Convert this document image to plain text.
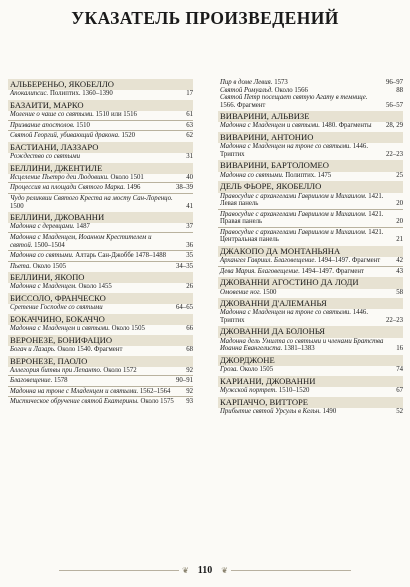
УКАЗАТЕЛЬ ПРОИЗВЕДЕНИЙ
АЛЬБЕРЕНЬО, ЯКОБЕЛЛО
Апокалипсис. Полиптих. 1360–1390	17
БАЗАИТИ, МАРКО
Моление о чаше со святыми. 1510 или 1516	61
Призвание апостолов. 1510	63
Святой Георгий, убивающий дракона. 1520	62
БАСТИАНИ, ЛАЗЗАРО
Рождество со святыми	31
БЕЛЛИНИ, ДЖЕНТИЛЕ
Исцеление Пьетро деи Людовики. Около 1501	40
Процессия на площади Святого Марка. 1496	38–39
Чудо реликвии Святого Креста на мосту Сан-Лоренцо. 1500	41
БЕЛЛИНИ, ДЖОВАННИ
Мадонна с деревцами. 1487	37
Мадонна с Младенцем, Иоанном Крестителем и святой. 1500–1504	36
Мадонна со святыми. Алтарь Сан-Джоббе 1478–1488	35
Пьета. Около 1505	34–35
БЕЛЛИНИ, ЯКОПО
Мадонна с Младенцем. Около 1455	26
БИССОЛО, ФРАНЧЕСКО
Сретение Господне со святыми	64–65
БОКАЧЧИНО, БОКАЧЧО
Мадонна с Младенцем и святыми. Около 1505	66
ВЕРОНЕЗЕ, БОНИФАЦИО
Богач и Лазарь. Около 1540. Фрагмент	68
ВЕРОНЕЗЕ, ПАОЛО
Аллегория битвы при Лепанто. Около 1572	92
Благовещение. 1578	90–91
Мадонна на троне с Младенцем и святыми. 1562–1564	92
Мистическое обручение святой Екатерины. Около 1575	93
Пир в доме Левия. 1573	96–97
Святой Ромуальд. Около 1566	88
Святой Петр посещает святую Агату в темнице. 1566. Фрагмент	56–57
ВИВАРИНИ, АЛЬВИЗЕ
Мадонна с Младенцем и святыми. 1480. Фрагменты	28, 29
ВИВАРИНИ, АНТОНИО
Мадонна с Младенцем на троне со святыми. 1446. Триптих	22–23
ВИВАРИНИ, БАРТОЛОМЕО
Мадонна со святыми. Полиптих. 1475	25
ДЕЛЬ ФЬОРЕ, ЯКОБЕЛЛО
Правосудие с архангелами Гавриилом и Михаилом. 1421. Левая панель	20
Правосудие с архангелами Гавриилом и Михаилом. 1421. Правая панель	20
Правосудие с архангелами Гавриилом и Михаилом. 1421. Центральная панель	21
ДЖАКОПО ДА МОНТАНЬЯНА
Архангел Гавриил. Благовещение. 1494–1497. Фрагмент	42
Дева Мария. Благовещение. 1494–1497. Фрагмент	43
ДЖОВАННИ АГОСТИНО ДА ЛОДИ
Омовение ног. 1500	58
ДЖОВАННИ Д'АЛЕМАНЬЯ
Мадонна с Младенцем на троне со святыми. 1446. Триптих	22–23
ДЖОВАННИ ДА БОЛОНЬЯ
Мадонна дель Умилта со святыми и членами Братства Иоанна Евангелиста. 1381–1383	16
ДЖОРДЖОНЕ
Гроза. Около 1505	74
КАРИАНИ, ДЖОВАННИ
Мужской портрет. 1510–1520	67
КАРПАЧЧО, ВИТТОРЕ
Прибытие святой Урсулы в Кельн. 1490	52
❦ 110 ❦
